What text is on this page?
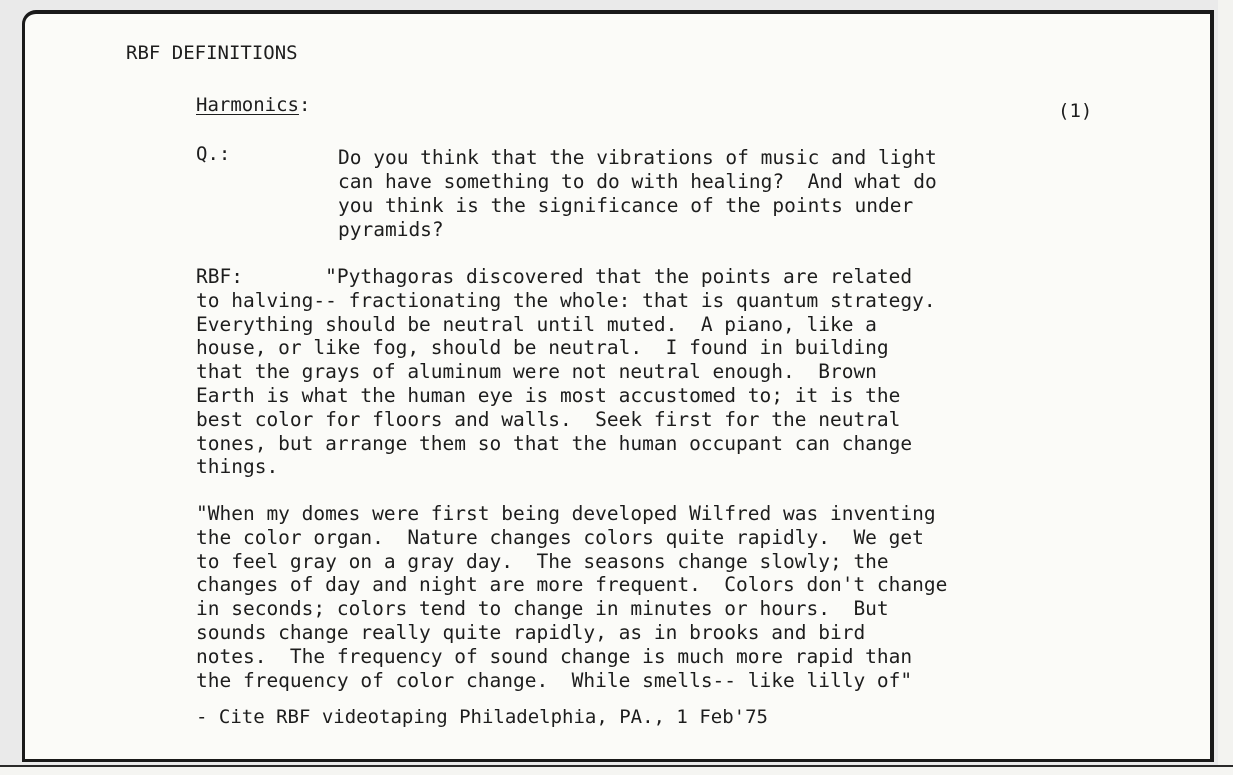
RBF DEFINITIONS

Harmonics:	(1)

Q.:	Do you think that the vibrations of music and light
can have something to do with healing?  And what do
you think is the significance of the points under
pyramids?
RBF:	"Pythagoras discovered that the points are related
to halving-- fractionating the whole: that is quantum strategy.
Everything should be neutral until muted.  A piano, like a
house, or like fog, should be neutral.  I found in building
that the grays of aluminum were not neutral enough.  Brown
Earth is what the human eye is most accustomed to; it is the
best color for floors and walls.  Seek first for the neutral
tones, but arrange them so that the human occupant can change
things.
"When my domes were first being developed Wilfred was inventing
the color organ.  Nature changes colors quite rapidly.  We get
to feel gray on a gray day.  The seasons change slowly; the
changes of day and night are more frequent.  Colors don't change
in seconds; colors tend to change in minutes or hours.  But
sounds change really quite rapidly, as in brooks and bird
notes.  The frequency of sound change is much more rapid than
the frequency of color change.  While smells-- like lilly of"

- Cite RBF videotaping Philadelphia, PA., 1 Feb'75
